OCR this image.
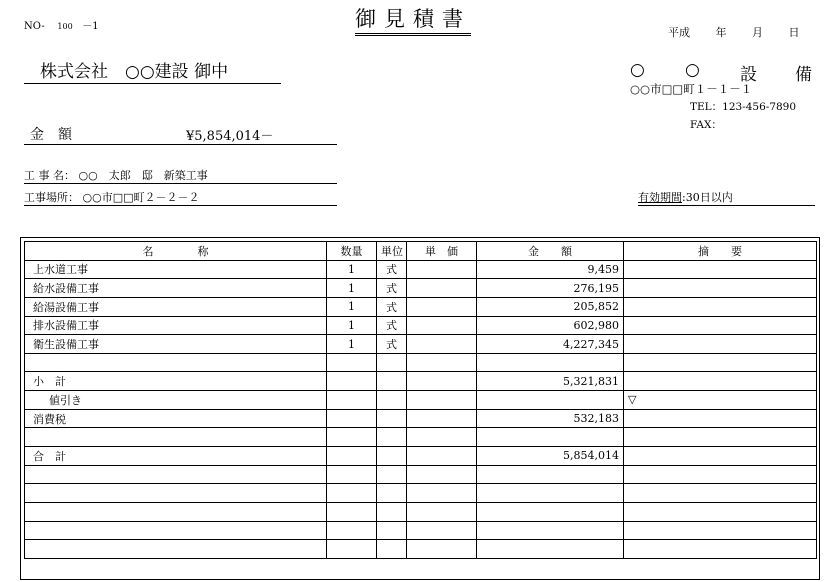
NO- 100 －1	御見積書
平成 年 月 日
株式会社　○○建設 御中	○ ○ 設 備
○○市□□町１－１－１
TEL：123-456-7890
FAX：
金額	¥5,854,014－
工 事 名： ○○　太郎　邸　新築工事
工事場所： ○○市□□町２－２－２	有効期間:30日以内
名　　　　称	数量	単位	単　価	金　　額	摘　　要
上水道工事	1	式		9,459	
給水設備工事	1	式		276,195	
給湯設備工事	1	式		205,852	
排水設備工事	1	式		602,980	
衛生設備工事	1	式		4,227,345	

小　計				5,321,831	
値引き					▽
消費税				532,183	

合　計				5,854,014	
